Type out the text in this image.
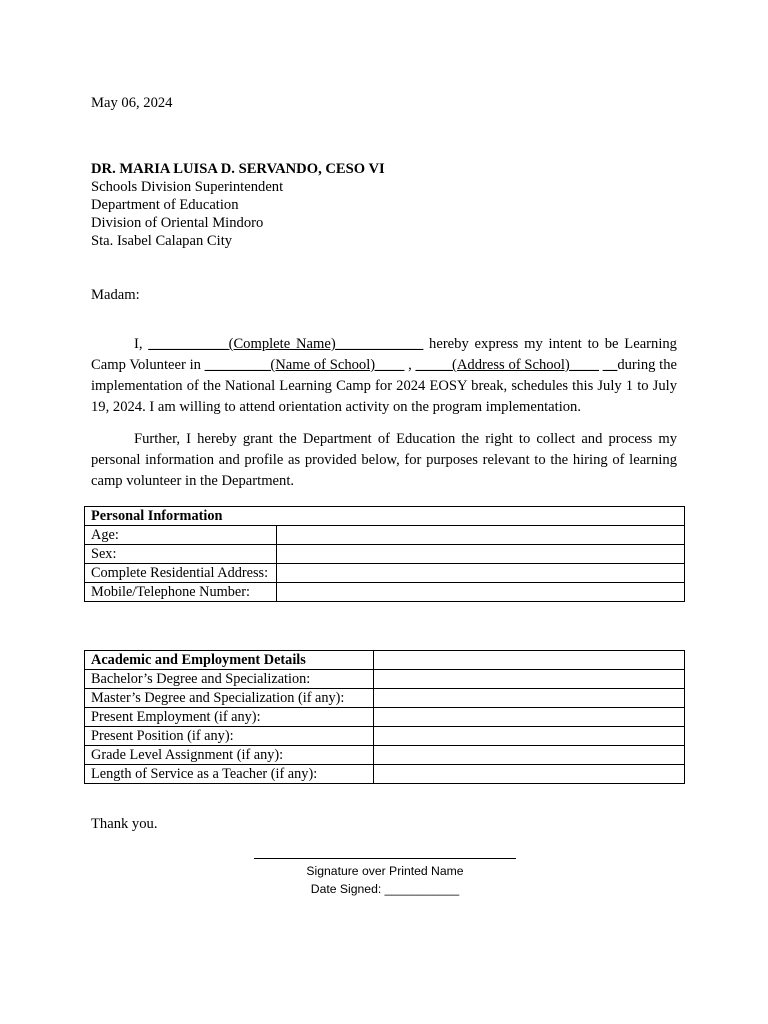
May 06, 2024
DR. MARIA LUISA D. SERVANDO, CESO VI
Schools Division Superintendent
Department of Education
Division of Oriental Mindoro
Sta. Isabel Calapan City
Madam:
I, ___________(Complete Name)____________ hereby express my intent to be Learning Camp Volunteer in _________(Name of School)____ , _____(Address of School)____ __during the implementation of the National Learning Camp for 2024 EOSY break, schedules this July 1 to July 19, 2024. I am willing to attend orientation activity on the program implementation.
Further, I hereby grant the Department of Education the right to collect and process my personal information and profile as provided below, for purposes relevant to the hiring of learning camp volunteer in the Department.
Personal Information	
Age:	
Sex:	
Complete Residential Address:	
Mobile/Telephone Number:	
Academic and Employment Details	
Bachelor’s Degree and Specialization:	
Master’s Degree and Specialization (if any):	
Present Employment (if any):	
Present Position (if any):	
Grade Level Assignment (if any):	
Length of Service as a Teacher (if any):	
Thank you.
Signature over Printed Name
Date Signed: ___________
